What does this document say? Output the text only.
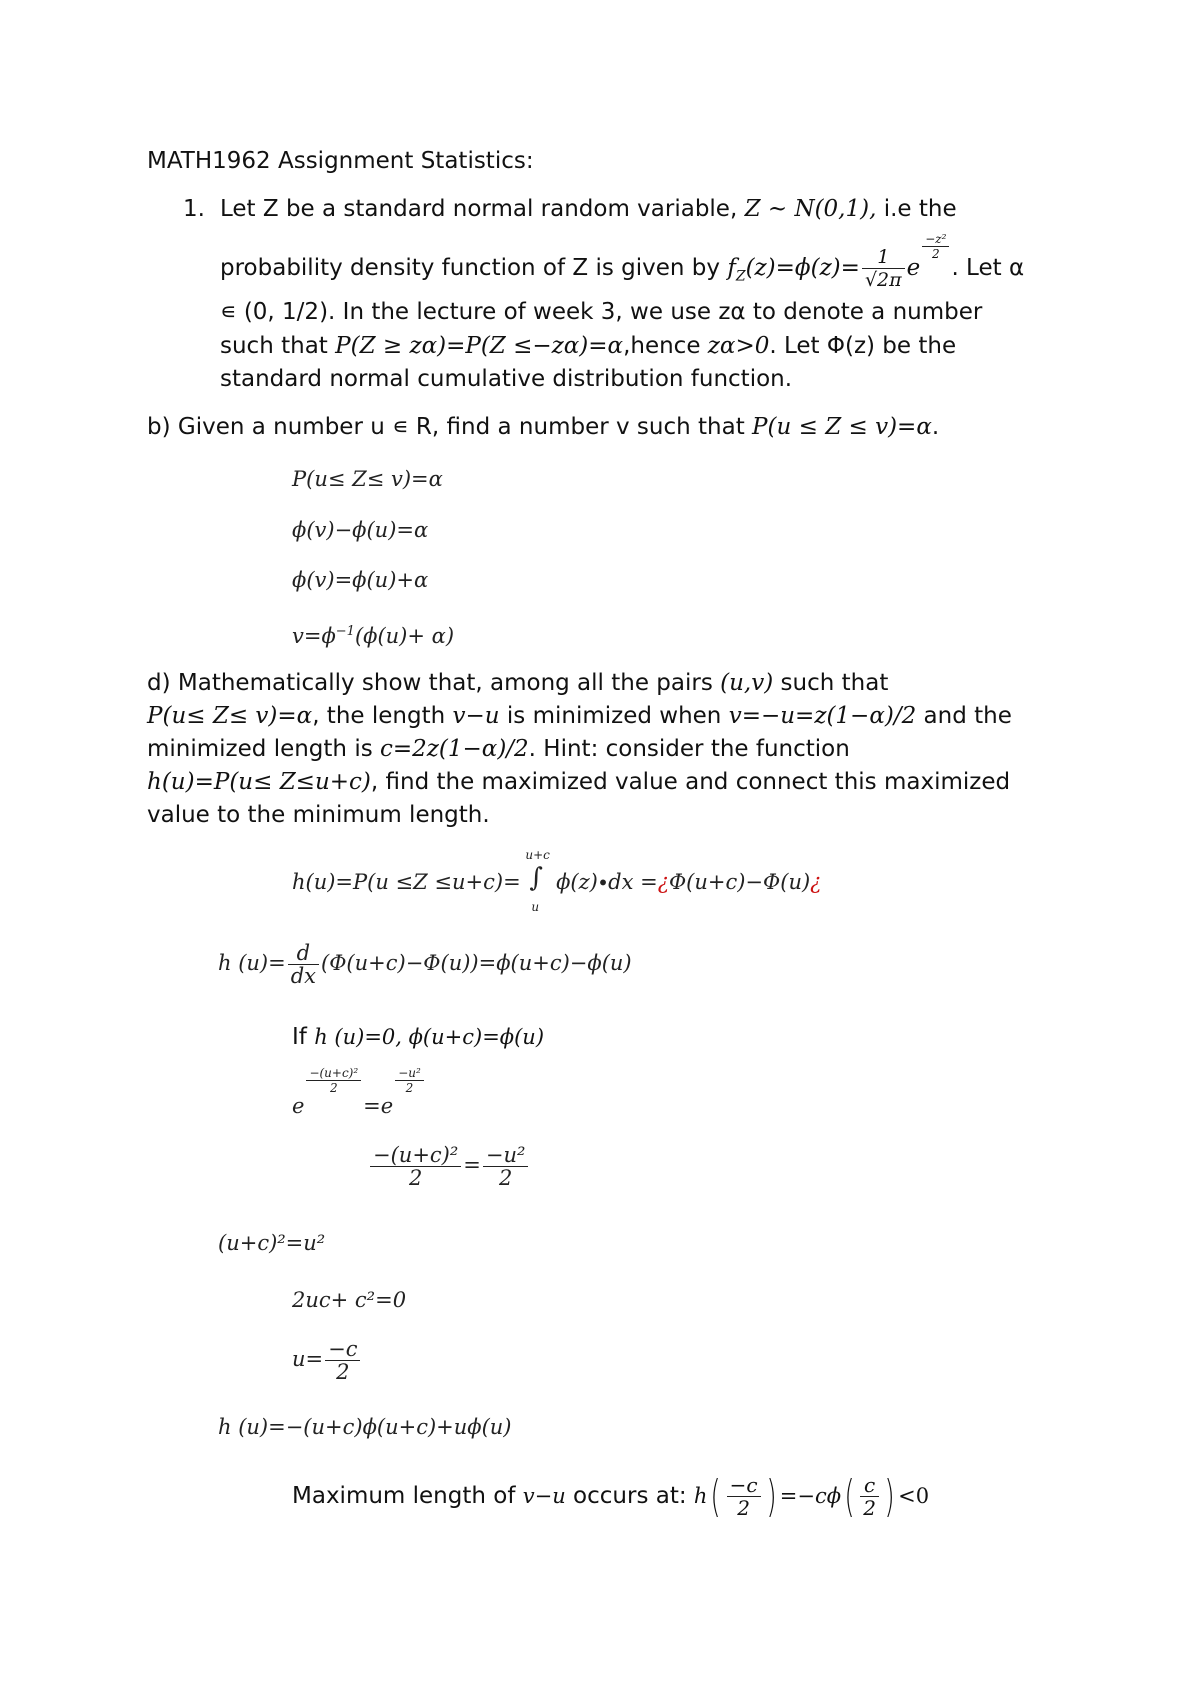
MATH1962 Assignment Statistics:
1. Let Z be a standard normal random variable, Z ~ N(0,1), i.e the
probability density function of Z is given by $f_Z(z)=\phi(z)= \frac{1}{√2\pi}$ e
$\frac{\text{−z²}}{2}$
. Let α
∊ (0, 1/2). In the lecture of week 3, we use zα to denote a number
such that P(Z ≥ zα)=P(Z ≤−zα)=α,hence zα>0. Let Φ(z) be the
standard normal cumulative distribution function.
b) Given a number u ∊ R, find a number v such that P(u ≤ Z ≤ v)=α.
P(u≤ Z≤ v)=α
ϕ(v)−ϕ(u)=α
ϕ(v)=ϕ(u)+α
$v=\phi^{-1}(\phi(u)+ \alpha)$
d) Mathematically show that, among all the pairs (u,v) such that
P(u≤ Z≤ v)=α, the length v−u is minimized when v=−u=z(1−α)/2 and the
minimized length is c=2z(1−α)/2. Hint: consider the function
h(u)=P(u≤ Z≤u+c), find the maximized value and connect this maximized
value to the minimum length.
h(u)=P(u ≤Z ≤u+c)=
u+c
∫
u
ϕ(z)∙dx =¿Φ(u+c)−Φ(u)¿
h $(u)= \frac{d}{dx} (\Phi(u+c)-\Phi(u))=\phi(u+c)-\phi(u)$
If h (u)=0, ϕ(u+c)=ϕ(u)
e
$\frac{\text{−(u+c)²}}{2}$
=e
$\frac{\text{−u²}}{2}$
$\frac{\text{−(u+c)²}}{2} = \frac{\text{−u²}}{2}$
(u+c)²=u²
2uc+ c²=0
$u= \frac{-c}{2}$
h (u)=−(u+c)ϕ(u+c)+uϕ(u)
Maximum length of v−u occurs at: $h( \frac{-c}{2}$ ) $=-c\phi( \frac{c}{2}$ ) <0
